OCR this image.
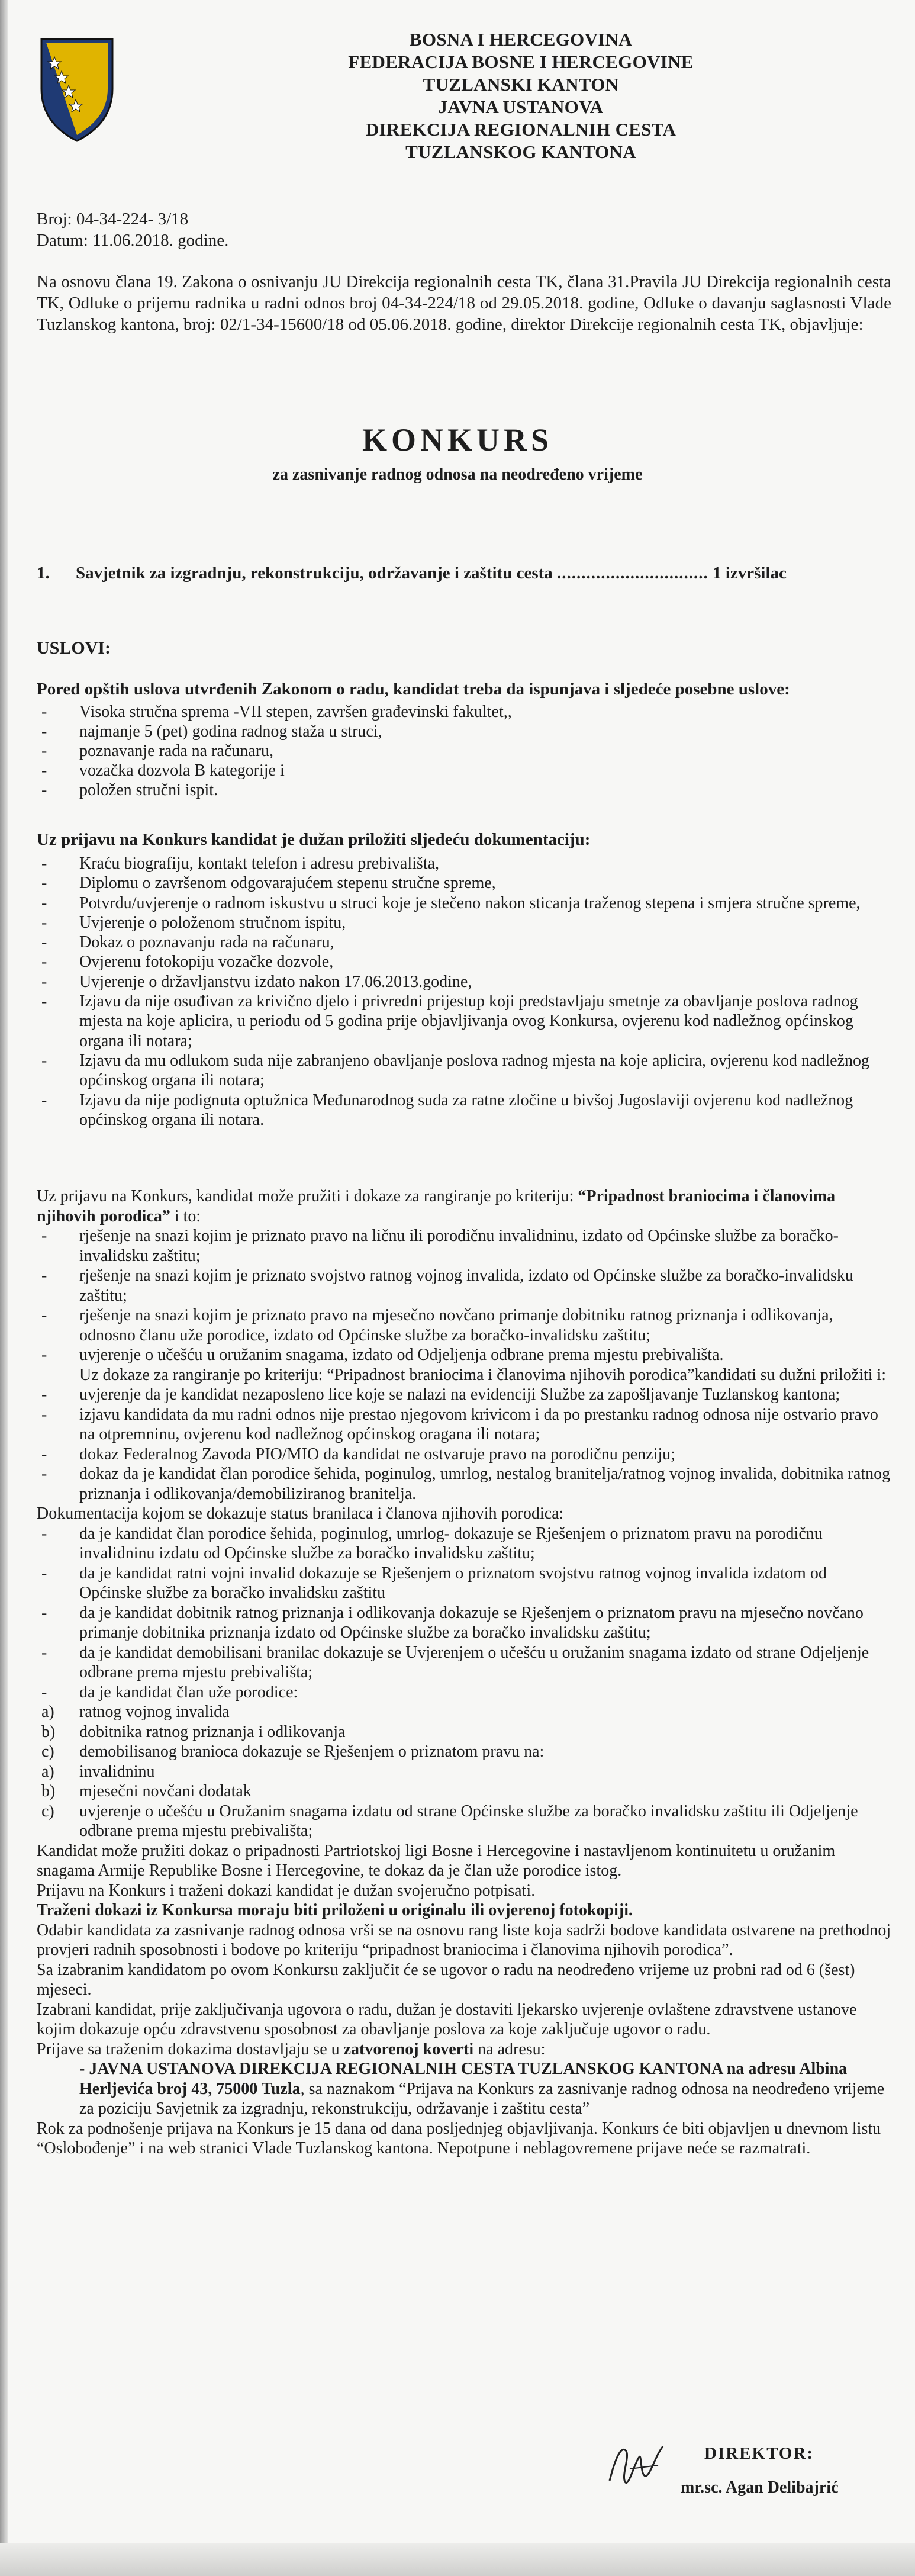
BOSNA I HERCEGOVINA
FEDERACIJA BOSNE I HERCEGOVINE
TUZLANSKI KANTON
JAVNA USTANOVA
DIREKCIJA REGIONALNIH CESTA
TUZLANSKOG KANTONA
Broj: 04-34-224- 3/18
Datum: 11.06.2018. godine.
Na osnovu člana 19. Zakona o osnivanju JU Direkcija regionalnih cesta TK, člana 31.Pravila JU Direkcija regionalnih cesta TK, Odluke o prijemu radnika u radni odnos broj 04-34-224/18 od 29.05.2018. godine, Odluke o davanju saglasnosti Vlade Tuzlanskog kantona, broj: 02/1-34-15600/18 od 05.06.2018. godine, direktor Direkcije regionalnih cesta TK, objavljuje:
KONKURS
za zasnivanje radnog odnosa na neodređeno vrijeme
1. Savjetnik za izgradnju, rekonstrukciju, održavanje i zaštitu cesta ............................... 1 izvršilac
USLOVI:
Pored opštih uslova utvrđenih Zakonom o radu, kandidat treba da ispunjava i sljedeće posebne uslove:
- Visoka stručna sprema -VII stepen, završen građevinski fakultet,,
- najmanje 5 (pet) godina radnog staža u struci,
- poznavanje rada na računaru,
- vozačka dozvola B kategorije i
- položen stručni ispit.
Uz prijavu na Konkurs kandidat je dužan priložiti sljedeću dokumentaciju:
- Kraću biografiju, kontakt telefon i adresu prebivališta,
- Diplomu o završenom odgovarajućem stepenu stručne spreme,
- Potvrdu/uvjerenje o radnom iskustvu u struci koje je stečeno nakon sticanja traženog stepena i smjera stručne spreme,
- Uvjerenje o položenom stručnom ispitu,
- Dokaz o poznavanju rada na računaru,
- Ovjerenu fotokopiju vozačke dozvole,
- Uvjerenje o državljanstvu izdato nakon 17.06.2013.godine,
- Izjavu da nije osuđivan za krivično djelo i privredni prijestup koji predstavljaju smetnje za obavljanje poslova radnog mjesta na koje aplicira, u periodu od 5 godina prije objavljivanja ovog Konkursa, ovjerenu kod nadležnog općinskog organa ili notara;
- Izjavu da mu odlukom suda nije zabranjeno obavljanje poslova radnog mjesta na koje aplicira, ovjerenu kod nadležnog općinskog organa ili notara;
- Izjavu da nije podignuta optužnica Međunarodnog suda za ratne zločine u bivšoj Jugoslaviji ovjerenu kod nadležnog općinskog organa ili notara.

Uz prijavu na Konkurs, kandidat može pružiti i dokaze za rangiranje po kriteriju: “Pripadnost braniocima i članovima njihovih porodica” i to:

- rješenje na snazi kojim je priznato pravo na ličnu ili porodičnu invalidninu, izdato od Općinske službe za boračko-invalidsku zaštitu;
- rješenje na snazi kojim je priznato svojstvo ratnog vojnog invalida, izdato od Općinske službe za boračko-invalidsku zaštitu;
- rješenje na snazi kojim je priznato pravo na mjesečno novčano primanje dobitniku ratnog priznanja i odlikovanja, odnosno članu uže porodice, izdato od Općinske službe za boračko-invalidsku zaštitu;
- uvjerenje o učešću u oružanim snagama, izdato od Odjeljenja odbrane prema mjestu prebivališta.

Uz dokaze za rangiranje po kriteriju: “Pripadnost braniocima i članovima njihovih porodica”kandidati su dužni priložiti i:

- uvjerenje da je kandidat nezaposleno lice koje se nalazi na evidenciji Službe za zapošljavanje Tuzlanskog kantona;
- izjavu kandidata da mu radni odnos nije prestao njegovom krivicom i da po prestanku radnog odnosa nije ostvario pravo na otpremninu, ovjerenu kod nadležnog općinskog oragana ili notara;
- dokaz Federalnog Zavoda PIO/MIO da kandidat ne ostvaruje pravo na porodičnu penziju;
- dokaz da je kandidat član porodice šehida, poginulog, umrlog, nestalog branitelja/ratnog vojnog invalida, dobitnika ratnog priznanja i odlikovanja/demobiliziranog branitelja.

Dokumentacija kojom se dokazuje status branilaca i članova njihovih porodica:

- da je kandidat član porodice šehida, poginulog, umrlog- dokazuje se Rješenjem o priznatom pravu na porodičnu invalidninu izdatu od Općinske službe za boračko invalidsku zaštitu;
- da je kandidat ratni vojni invalid dokazuje se Rješenjem o priznatom svojstvu ratnog vojnog invalida izdatom od Općinske službe za boračko invalidsku zaštitu
- da je kandidat dobitnik ratnog priznanja i odlikovanja dokazuje se Rješenjem o priznatom pravu na mjesečno novčano primanje dobitnika priznanja izdato od Općinske službe za boračko invalidsku zaštitu;
- da je kandidat demobilisani branilac dokazuje se Uvjerenjem o učešću u oružanim snagama izdato od strane Odjeljenje odbrane prema mjestu prebivališta;
- da je kandidat član uže porodice:
a) ratnog vojnog invalida
b) dobitnika ratnog priznanja i odlikovanja
c) demobilisanog branioca dokazuje se Rješenjem o priznatom pravu na:
a) invalidninu
b) mjesečni novčani dodatak
c) uvjerenje o učešću u Oružanim snagama izdatu od strane Općinske službe za boračko invalidsku zaštitu ili Odjeljenje odbrane prema mjestu prebivališta;

Kandidat može pružiti dokaz o pripadnosti Partriotskoj ligi Bosne i Hercegovine i nastavljenom kontinuitetu u oružanim snagama Armije Republike Bosne i Hercegovine, te dokaz da je član uže porodice istog.

Prijavu na Konkurs i traženi dokazi kandidat je dužan svojeručno potpisati.

Traženi dokazi iz Konkursa moraju biti priloženi u originalu ili ovjerenoj fotokopiji.

Odabir kandidata za zasnivanje radnog odnosa vrši se na osnovu rang liste koja sadrži bodove kandidata ostvarene na prethodnoj provjeri radnih sposobnosti i bodove po kriteriju “pripadnost braniocima i članovima njihovih porodica”.

Sa izabranim kandidatom po ovom Konkursu zaključit će se ugovor o radu na neodređeno vrijeme uz probni rad od 6 (šest) mjeseci.

Izabrani kandidat, prije zaključivanja ugovora o radu, dužan je dostaviti ljekarsko uvjerenje ovlaštene zdravstvene ustanove kojim dokazuje opću zdravstvenu sposobnost za obavljanje poslova za koje zaključuje ugovor o radu.

Prijave sa traženim dokazima dostavljaju se u zatvorenoj koverti na adresu:

- JAVNA USTANOVA DIREKCIJA REGIONALNIH CESTA TUZLANSKOG KANTONA na adresu Albina Herljevića broj 43, 75000 Tuzla, sa naznakom “Prijava na Konkurs za zasnivanje radnog odnosa na neodređeno vrijeme za poziciju Savjetnik za izgradnju, rekonstrukciju, održavanje i zaštitu cesta”

Rok za podnošenje prijava na Konkurs je 15 dana od dana posljednjeg objavljivanja. Konkurs će biti objavljen u dnevnom listu “Oslobođenje” i na web stranici Vlade Tuzlanskog kantona. Nepotpune i neblagovremene prijave neće se razmatrati.

DIREKTOR:
mr.sc. Agan Delibajrić
